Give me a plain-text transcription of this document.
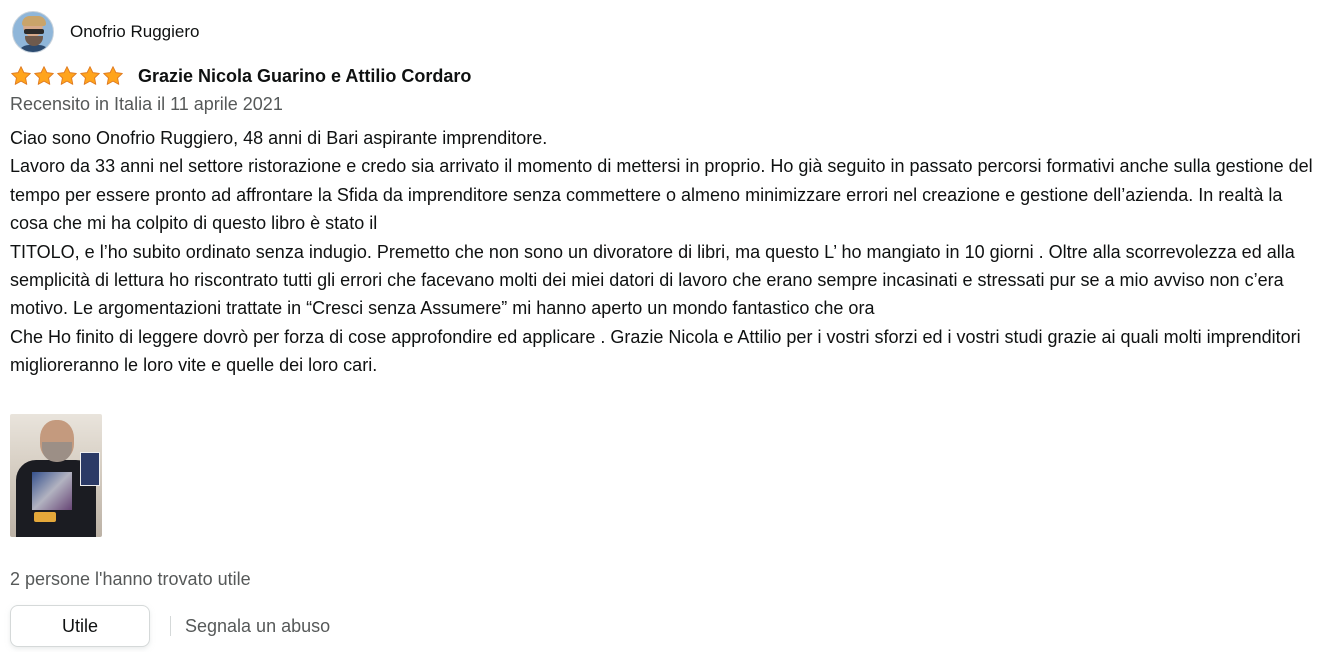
Onofrio Ruggiero
Grazie Nicola Guarino e Attilio Cordaro
Recensito in Italia il 11 aprile 2021

Ciao sono Onofrio Ruggiero, 48 anni di Bari aspirante imprenditore.

Lavoro da 33 anni nel settore ristorazione e credo sia arrivato il momento di mettersi in proprio. Ho già seguito in passato percorsi formativi anche sulla gestione del tempo per essere pronto ad affrontare la Sfida da imprenditore senza commettere o almeno minimizzare errori nel creazione e gestione dell’azienda. In realtà la cosa che mi ha colpito di questo libro è stato il

TITOLO, e l’ho subito ordinato senza indugio. Premetto che non sono un divoratore di libri, ma questo L’ ho mangiato in 10 giorni . Oltre alla scorrevolezza ed alla semplicità di lettura ho riscontrato tutti gli errori che facevano molti dei miei datori di lavoro che erano sempre incasinati e stressati pur se a mio avviso non c’era motivo. Le argomentazioni trattate in “Cresci senza Assumere” mi hanno aperto un mondo fantastico che ora

Che Ho finito di leggere dovrò per forza di cose approfondire ed applicare . Grazie Nicola e Attilio per i vostri sforzi ed i vostri studi grazie ai quali molti imprenditori miglioreranno le loro vite e quelle dei loro cari.

2 persone l'hanno trovato utile
Utile	Segnala un abuso
